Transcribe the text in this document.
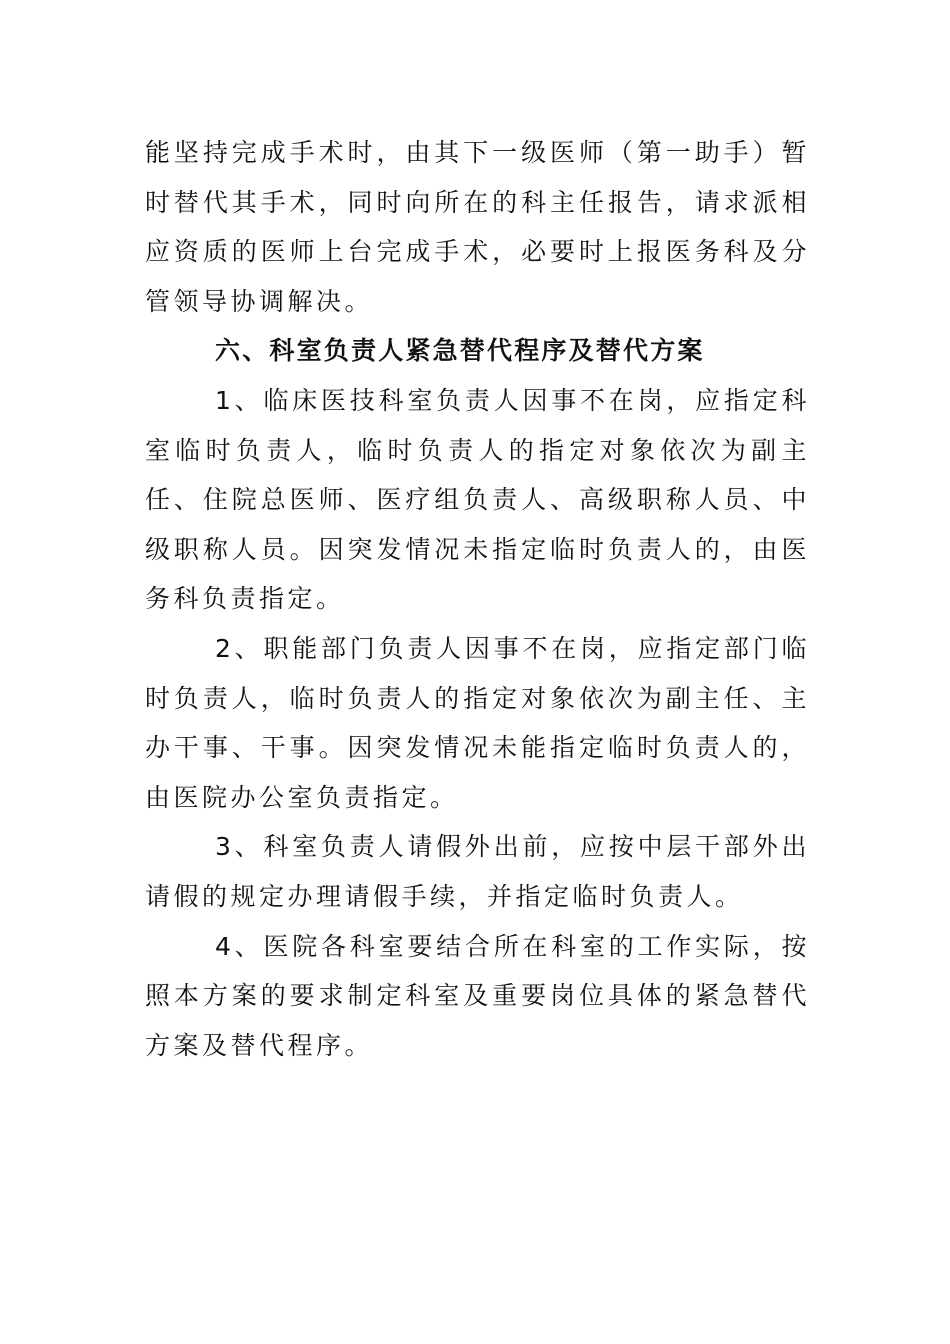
能坚持完成手术时，由其下一级医师（第一助手）暂时替代其手术，同时向所在的科主任报告，请求派相应资质的医师上台完成手术，必要时上报医务科及分管领导协调解决。

六、科室负责人紧急替代程序及替代方案

1、临床医技科室负责人因事不在岗，应指定科室临时负责人，临时负责人的指定对象依次为副主任、住院总医师、医疗组负责人、高级职称人员、中级职称人员。因突发情况未指定临时负责人的，由医务科负责指定。

2、职能部门负责人因事不在岗，应指定部门临时负责人，临时负责人的指定对象依次为副主任、主办干事、干事。因突发情况未能指定临时负责人的，由医院办公室负责指定。

3、科室负责人请假外出前，应按中层干部外出请假的规定办理请假手续，并指定临时负责人。

4、医院各科室要结合所在科室的工作实际，按照本方案的要求制定科室及重要岗位具体的紧急替代方案及替代程序。
